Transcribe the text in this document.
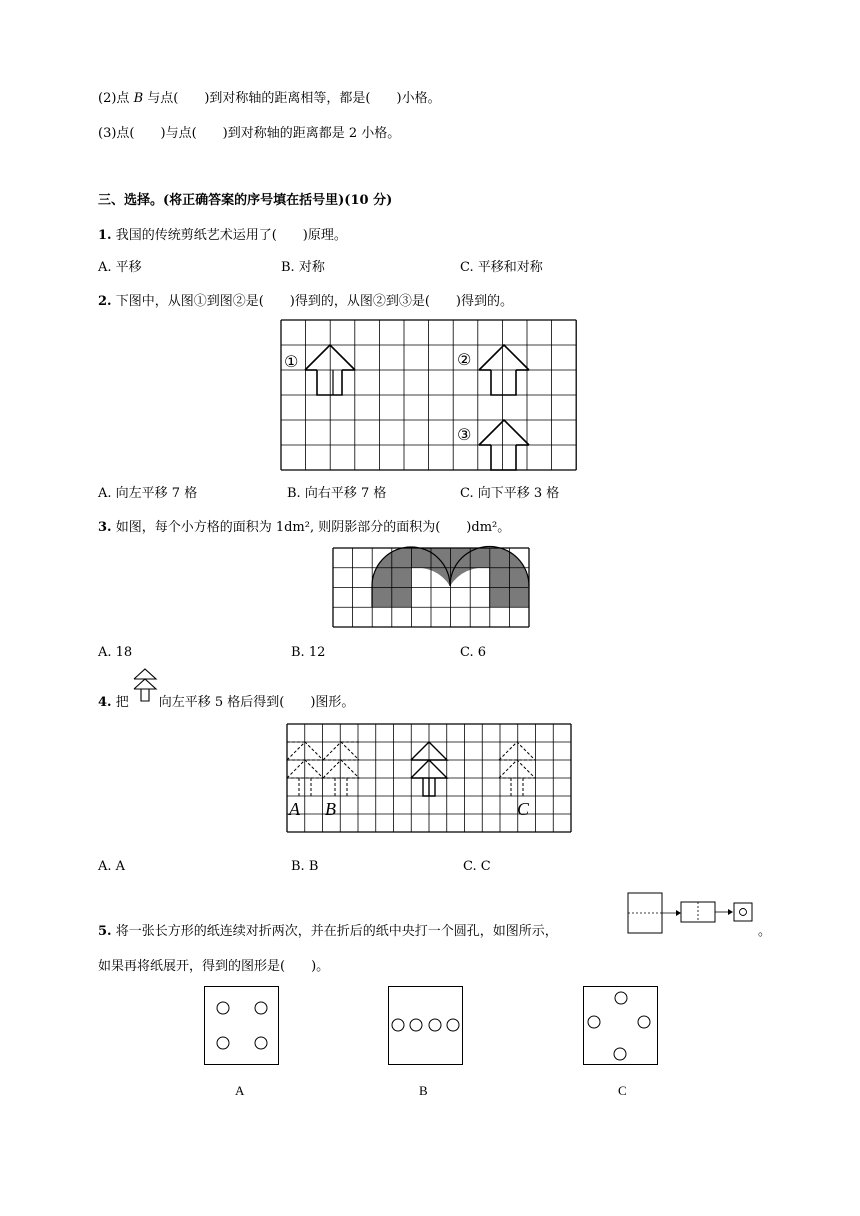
(2)点 B 与点( )到对称轴的距离相等，都是( )小格。
(3)点( )与点( )到对称轴的距离都是 2 小格。
三、选择。(将正确答案的序号填在括号里)(10 分)
1. 我国的传统剪纸艺术运用了(　　)原理。
A. 平移	B. 对称	C. 平移和对称
2. 下图中，从图①到图②是(　　)得到的，从图②到③是(　　)得到的。
①	②
③
A. 向左平移 7 格	B. 向右平移 7 格	C. 向下平移 3 格
3. 如图，每个小方格的面积为 1dm², 则阴影部分的面积为(　　)dm²。
A. 18	B. 12	C. 6
4. 把 向左平移 5 格后得到(　　)图形。
A B	C
A. A	B. B	C. C
5. 将一张长方形的纸连续对折两次，并在折后的纸中央打一个圆孔，如图所示，	。
如果再将纸展开，得到的图形是(　　)。
A	B	C
